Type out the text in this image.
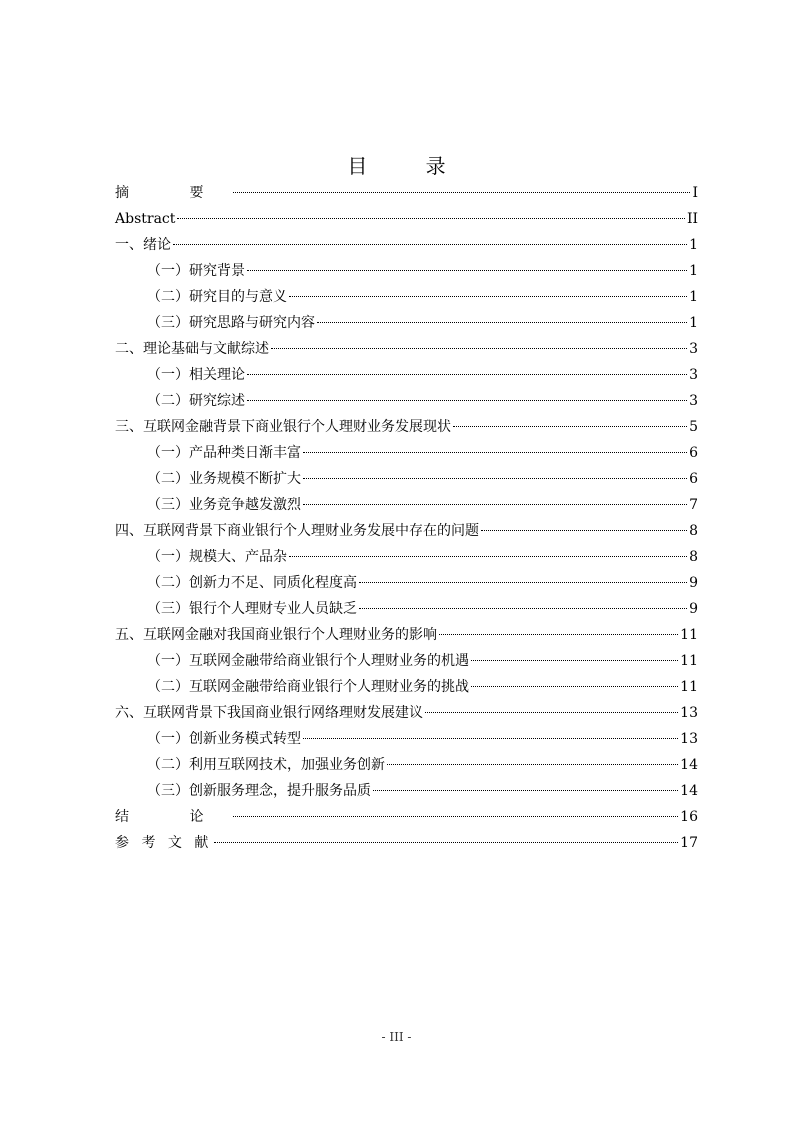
目 录
摘 要	I
Abstract	II
一、绪论	1
（一）研究背景	1
（二）研究目的与意义	1
（三）研究思路与研究内容	1
二、理论基础与文献综述	3
（一）相关理论	3
（二）研究综述	3
三、互联网金融背景下商业银行个人理财业务发展现状	5
（一）产品种类日渐丰富	6
（二）业务规模不断扩大	6
（三）业务竞争越发激烈	7
四、互联网背景下商业银行个人理财业务发展中存在的问题	8
（一）规模大、产品杂	8
（二）创新力不足、同质化程度高	9
（三）银行个人理财专业人员缺乏	9
五、互联网金融对我国商业银行个人理财业务的影响	11
（一）互联网金融带给商业银行个人理财业务的机遇	11
（二）互联网金融带给商业银行个人理财业务的挑战	11
六、互联网背景下我国商业银行网络理财发展建议	13
（一）创新业务模式转型	13
（二）利用互联网技术，加强业务创新	14
（三）创新服务理念，提升服务品质	14
结 论	16
参 考 文 献	17
- III -
